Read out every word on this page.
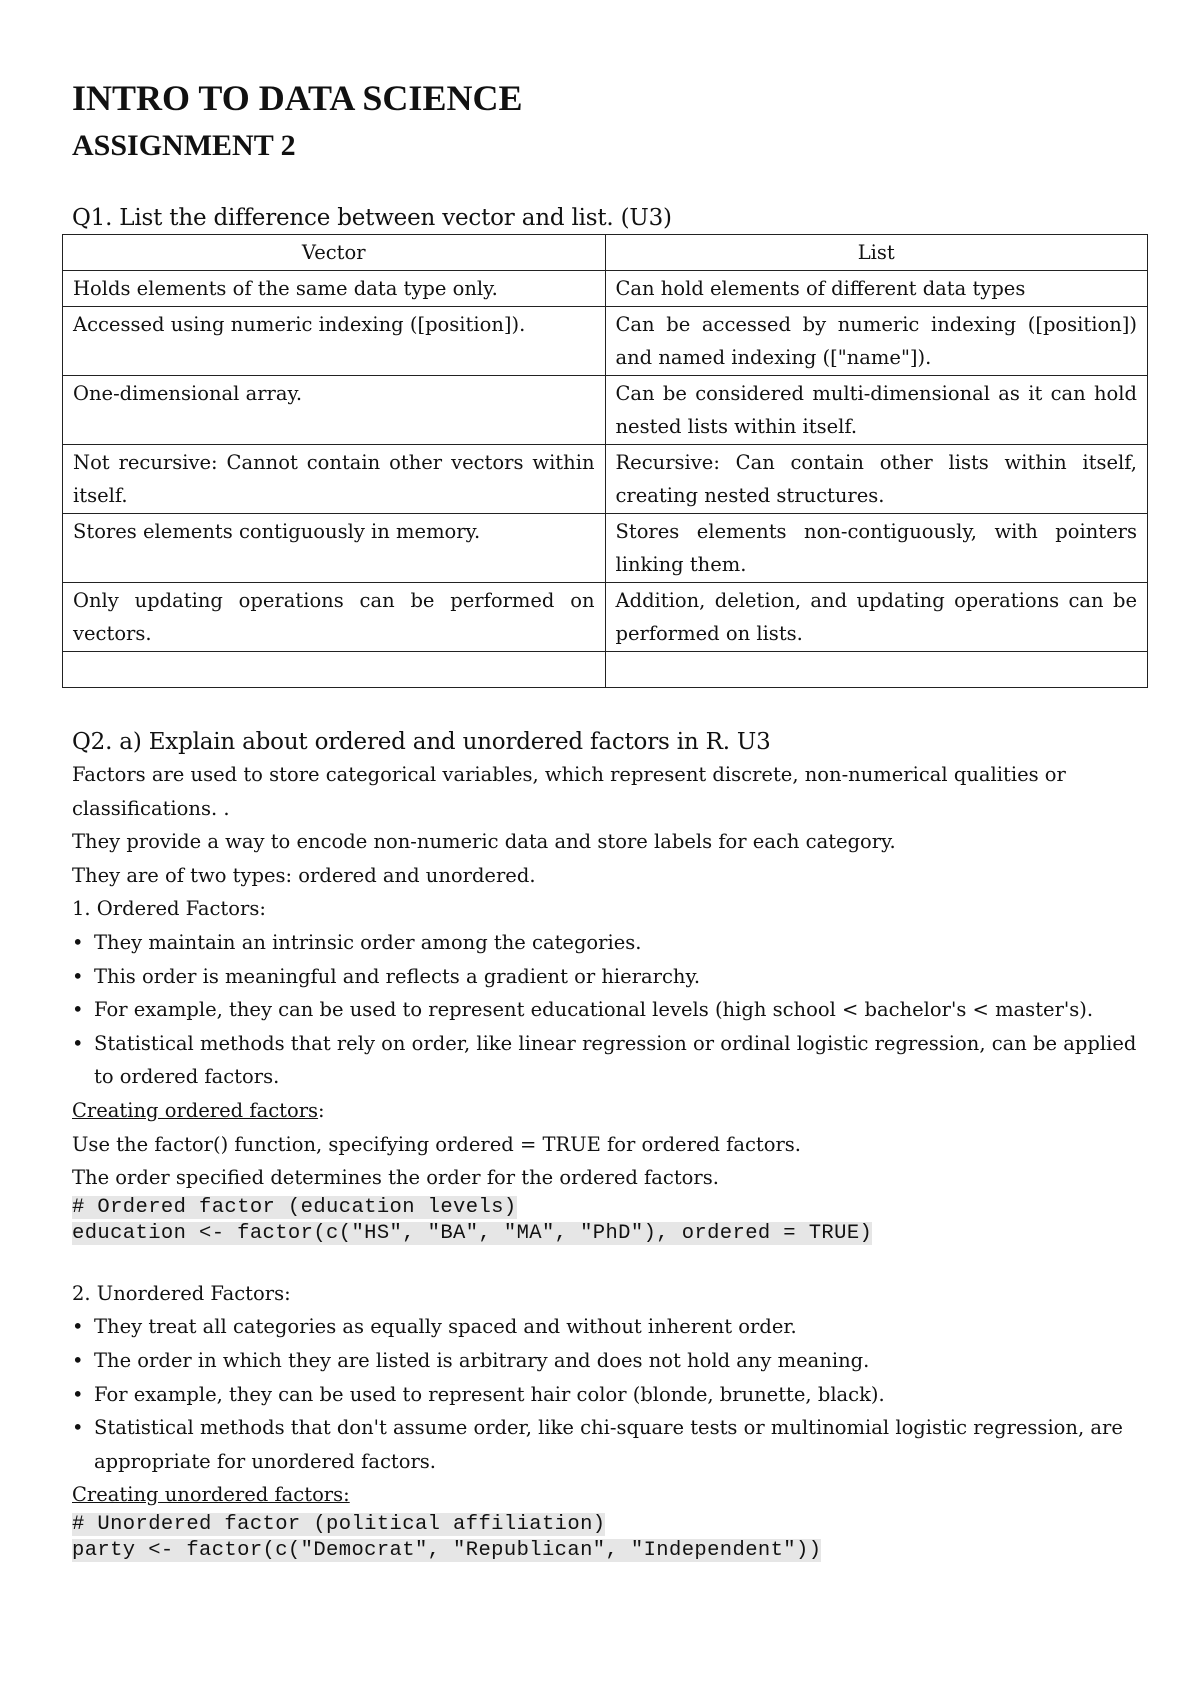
INTRO TO DATA SCIENCE
ASSIGNMENT 2

Q1. List the difference between vector and list. (U3)

Vector	List
Holds elements of the same data type only.	Can hold elements of different data types
Accessed using numeric indexing ([position]).	Can be accessed by numeric indexing ([position]) and named indexing (["name"]).
One-dimensional array.	Can be considered multi-dimensional as it can hold nested lists within itself.
Not recursive: Cannot contain other vectors within itself.	Recursive: Can contain other lists within itself, creating nested structures.
Stores elements contiguously in memory.	Stores elements non-contiguously, with pointers linking them.
Only updating operations can be performed on vectors.	Addition, deletion, and updating operations can be performed on lists.

Q2. a) Explain about ordered and unordered factors in R. U3

Factors are used to store categorical variables, which represent discrete, non-numerical qualities or classifications. .

They provide a way to encode non-numeric data and store labels for each category.

They are of two types: ordered and unordered.

1. Ordered Factors:

• They maintain an intrinsic order among the categories.
• This order is meaningful and reflects a gradient or hierarchy.
• For example, they can be used to represent educational levels (high school < bachelor's < master's).
• Statistical methods that rely on order, like linear regression or ordinal logistic regression, can be applied to ordered factors.

Creating ordered factors:

Use the factor() function, specifying ordered = TRUE for ordered factors.

The order specified determines the order for the ordered factors.

# Ordered factor (education levels)

education <- factor(c("HS", "BA", "MA", "PhD"), ordered = TRUE)

2. Unordered Factors:

• They treat all categories as equally spaced and without inherent order.
• The order in which they are listed is arbitrary and does not hold any meaning.
• For example, they can be used to represent hair color (blonde, brunette, black).
• Statistical methods that don't assume order, like chi-square tests or multinomial logistic regression, are appropriate for unordered factors.

Creating unordered factors:

# Unordered factor (political affiliation)

party <- factor(c("Democrat", "Republican", "Independent"))
